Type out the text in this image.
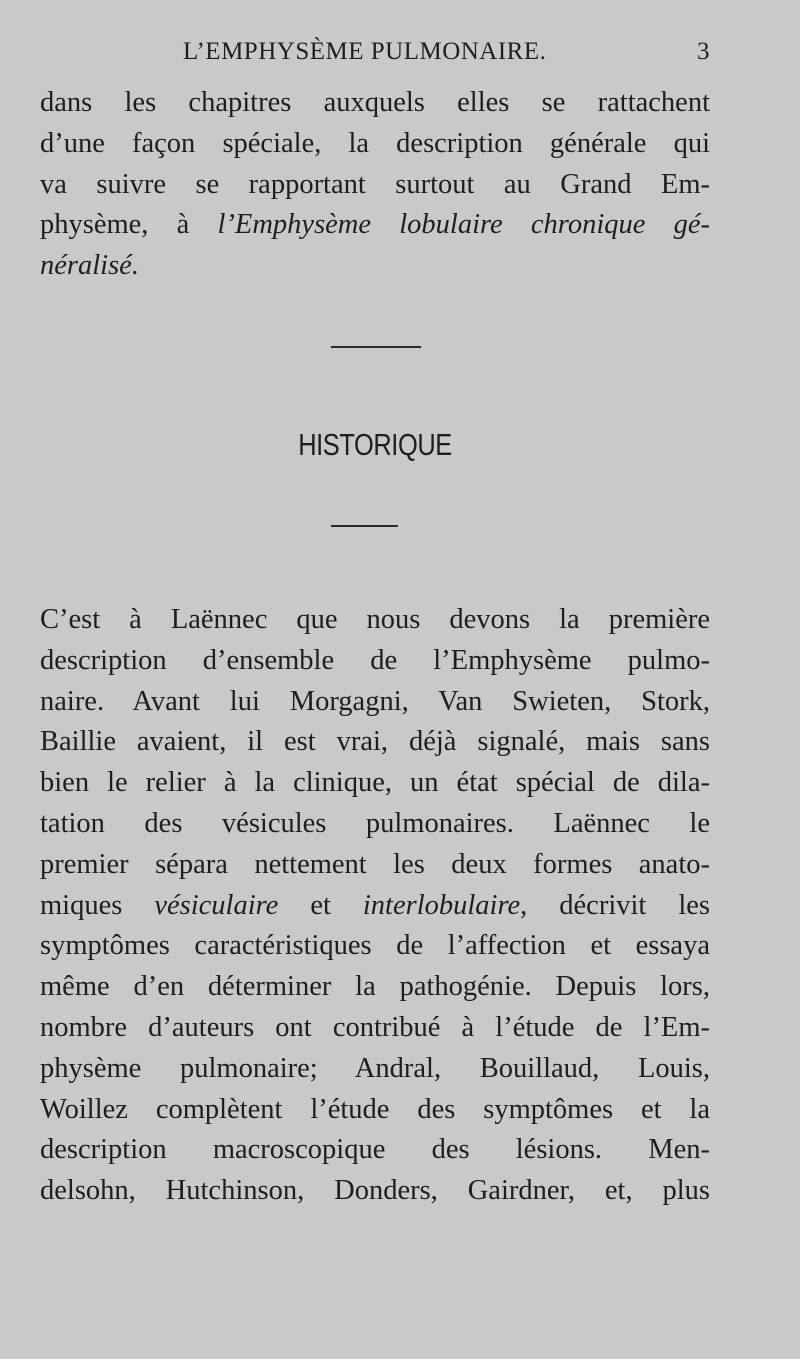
L’EMPHYSÈME PULMONAIRE.	3
dans les chapitres auxquels elles se rattachent
d’une façon spéciale, la description générale qui
va suivre se rapportant surtout au Grand Em-
physème, à l’Emphysème lobulaire chronique gé-
néralisé.
HISTORIQUE
C’est à Laënnec que nous devons la première
description d’ensemble de l’Emphysème pulmo-
naire. Avant lui Morgagni, Van Swieten, Stork,
Baillie avaient, il est vrai, déjà signalé, mais sans
bien le relier à la clinique, un état spécial de dila-
tation des vésicules pulmonaires. Laënnec le
premier sépara nettement les deux formes anato-
miques vésiculaire et interlobulaire, décrivit les
symptômes caractéristiques de l’affection et essaya
même d’en déterminer la pathogénie. Depuis lors,
nombre d’auteurs ont contribué à l’étude de l’Em-
physème pulmonaire; Andral, Bouillaud, Louis,
Woillez complètent l’étude des symptômes et la
description macroscopique des lésions. Men-
delsohn, Hutchinson, Donders, Gairdner, et, plus
